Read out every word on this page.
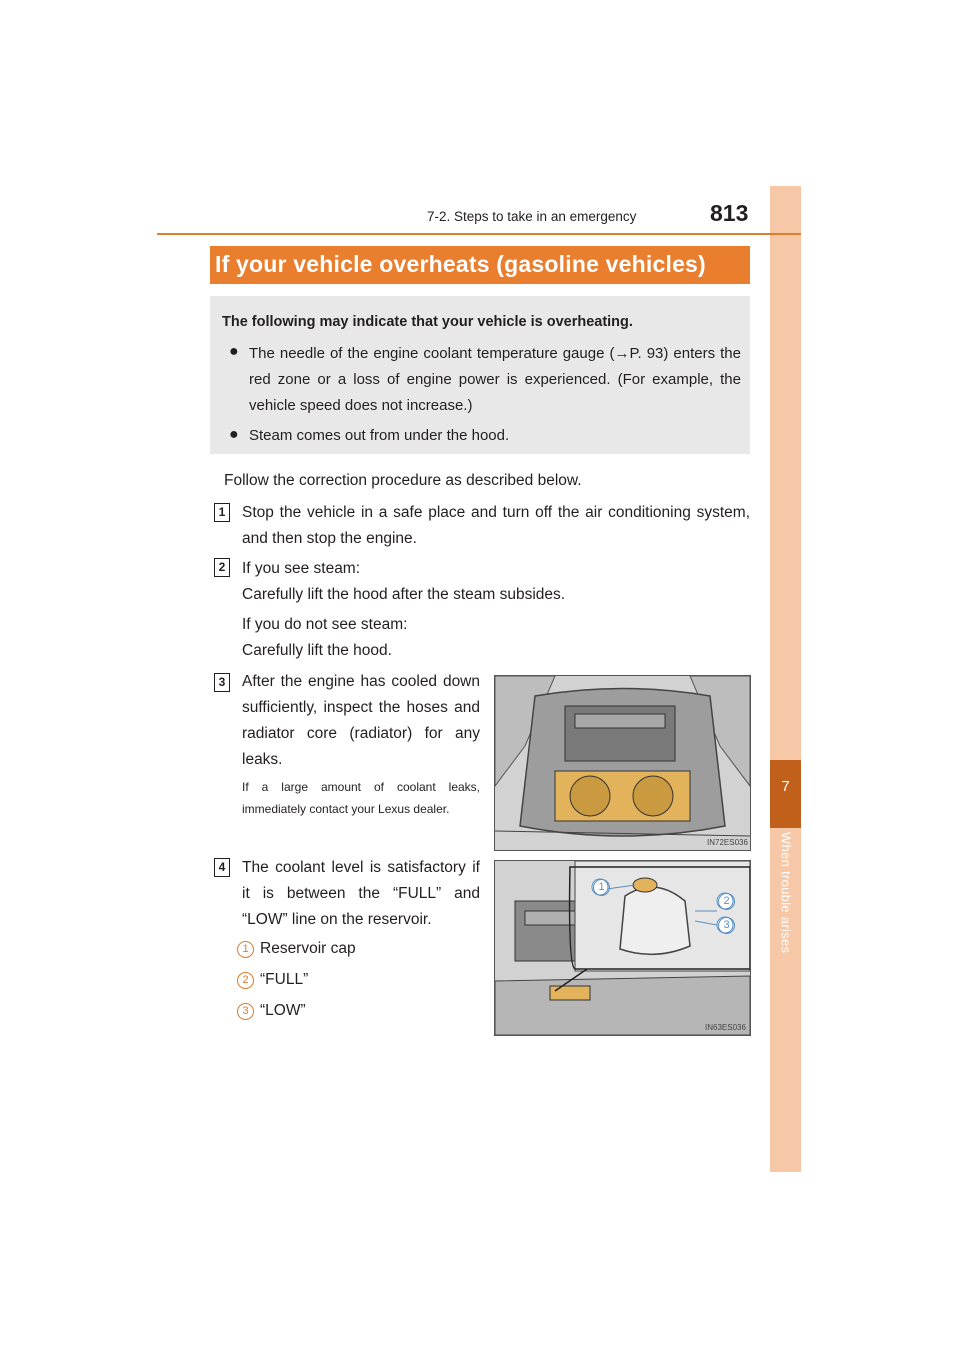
7
When trouble arises
7-2. Steps to take in an emergency	813
If your vehicle overheats (gasoline vehicles)
The following may indicate that your vehicle is overheating.
● The needle of the engine coolant temperature gauge (→P. 93) enters the red zone or a loss of engine power is experienced. (For example, the vehicle speed does not increase.)
● Steam comes out from under the hood.
Follow the correction procedure as described below.
1	Stop the vehicle in a safe place and turn off the air conditioning system, and then stop the engine.
2	If you see steam:
Carefully lift the hood after the steam subsides.
If you do not see steam:
Carefully lift the hood.
3	After the engine has cooled down sufficiently, inspect the hoses and radiator core (radiator) for any leaks.
If a large amount of coolant leaks, immediately contact your Lexus dealer.
IN72ES036
4	The coolant level is satisfactory if it is between the “FULL” and “LOW” line on the reservoir.
1 Reservoir cap
2 “FULL”
3 “LOW”
1
2
3
IN63ES036
